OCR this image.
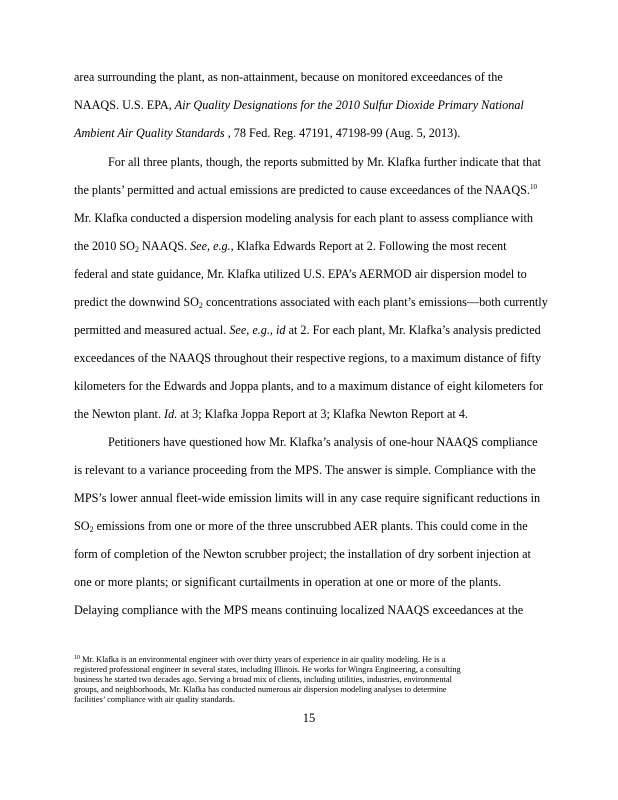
area surrounding the plant, as non-attainment, because on monitored exceedances of the
NAAQS. U.S. EPA, Air Quality Designations for the 2010 Sulfur Dioxide Primary National
Ambient Air Quality Standards , 78 Fed. Reg. 47191, 47198-99 (Aug. 5, 2013).
For all three plants, though, the reports submitted by Mr. Klafka further indicate that that
the plants’ permitted and actual emissions are predicted to cause exceedances of the NAAQS.$^{10}$
Mr. Klafka conducted a dispersion modeling analysis for each plant to assess compliance with
the 2010 $SO_2$ NAAQS. See, e.g., Klafka Edwards Report at 2. Following the most recent
federal and state guidance, Mr. Klafka utilized U.S. EPA’s AERMOD air dispersion model to
predict the downwind $SO_2$ concentrations associated with each plant’s emissions—both currently
permitted and measured actual. See, e.g., id at 2. For each plant, Mr. Klafka’s analysis predicted
exceedances of the NAAQS throughout their respective regions, to a maximum distance of fifty
kilometers for the Edwards and Joppa plants, and to a maximum distance of eight kilometers for
the Newton plant. Id. at 3; Klafka Joppa Report at 3; Klafka Newton Report at 4.
Petitioners have questioned how Mr. Klafka’s analysis of one-hour NAAQS compliance
is relevant to a variance proceeding from the MPS. The answer is simple. Compliance with the
MPS’s lower annual fleet-wide emission limits will in any case require significant reductions in
$SO_2$ emissions from one or more of the three unscrubbed AER plants. This could come in the
form of completion of the Newton scrubber project; the installation of dry sorbent injection at
one or more plants; or significant curtailments in operation at one or more of the plants.
Delaying compliance with the MPS means continuing localized NAAQS exceedances at the
$^{10}$ Mr. Klafka is an environmental engineer with over thirty years of experience in air quality modeling. He is a
registered professional engineer in several states, including Illinois. He works for Wingra Engineering, a consulting
business he started two decades ago. Serving a broad mix of clients, including utilities, industries, environmental
groups, and neighborhoods, Mr. Klafka has conducted numerous air dispersion modeling analyses to determine
facilities’ compliance with air quality standards.
15
